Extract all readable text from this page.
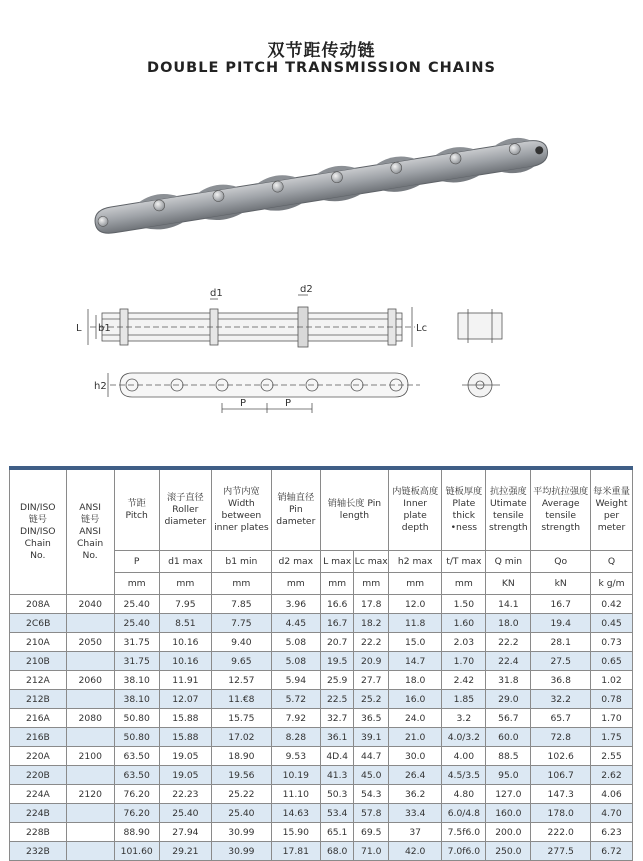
双节距传动链
DOUBLE PITCH TRANSMISSION CHAINS
d1	d2
L b1	Lc
h2
P	P
DIN/ISO
链号
DIN/ISO
Chain
No.	ANSI
链号
ANSI
Chain
No.	节距
Pitch	滚子直径
Roller
diameter	内节内宽
Width
between
inner plates	销轴直径
Pin
dameter	销轴长度 Pin
length		内链板高度
Inner
plate
depth	链板厚度
Plate
thick
•ness	抗拉强度
Utimate
tensile
strength	平均抗拉强度
Average
tensile
strength	每米重量
Weight
per
meter
		P	d1 max	b1 min	d2 max	L max	Lc max	h2 max	t/T max	Q min	Qo	Q
		mm	mm	mm	mm	mm	mm	mm	mm	KN	kN	k g/m
208A	2040	25.40	7.95	7.85	3.96	16.6	17.8	12.0	1.50	14.1	16.7	0.42
2C6B		25.40	8.51	7.75	4.45	16.7	18.2	11.8	1.60	18.0	19.4	0.45
210A	2050	31.75	10.16	9.40	5.08	20.7	22.2	15.0	2.03	22.2	28.1	0.73
210B		31.75	10.16	9.65	5.08	19.5	20.9	14.7	1.70	22.4	27.5	0.65
212A	2060	38.10	11.91	12.57	5.94	25.9	27.7	18.0	2.42	31.8	36.8	1.02
212B		38.10	12.07	11.€8	5.72	22.5	25.2	16.0	1.85	29.0	32.2	0.78
216A	2080	50.80	15.88	15.75	7.92	32.7	36.5	24.0	3.2	56.7	65.7	1.70
216B		50.80	15.88	17.02	8.28	36.1	39.1	21.0	4.0/3.2	60.0	72.8	1.75
220A	2100	63.50	19.05	18.90	9.53	4D.4	44.7	30.0	4.00	88.5	102.6	2.55
220B		63.50	19.05	19.56	10.19	41.3	45.0	26.4	4.5/3.5	95.0	106.7	2.62
224A	2120	76.20	22.23	25.22	11.10	50.3	54.3	36.2	4.80	127.0	147.3	4.06
224B		76.20	25.40	25.40	14.63	53.4	57.8	33.4	6.0/4.8	160.0	178.0	4.70
228B		88.90	27.94	30.99	15.90	65.1	69.5	37	7.5f6.0	200.0	222.0	6.23
232B		101.60	29.21	30.99	17.81	68.0	71.0	42.0	7.0f6.0	250.0	277.5	6.72
